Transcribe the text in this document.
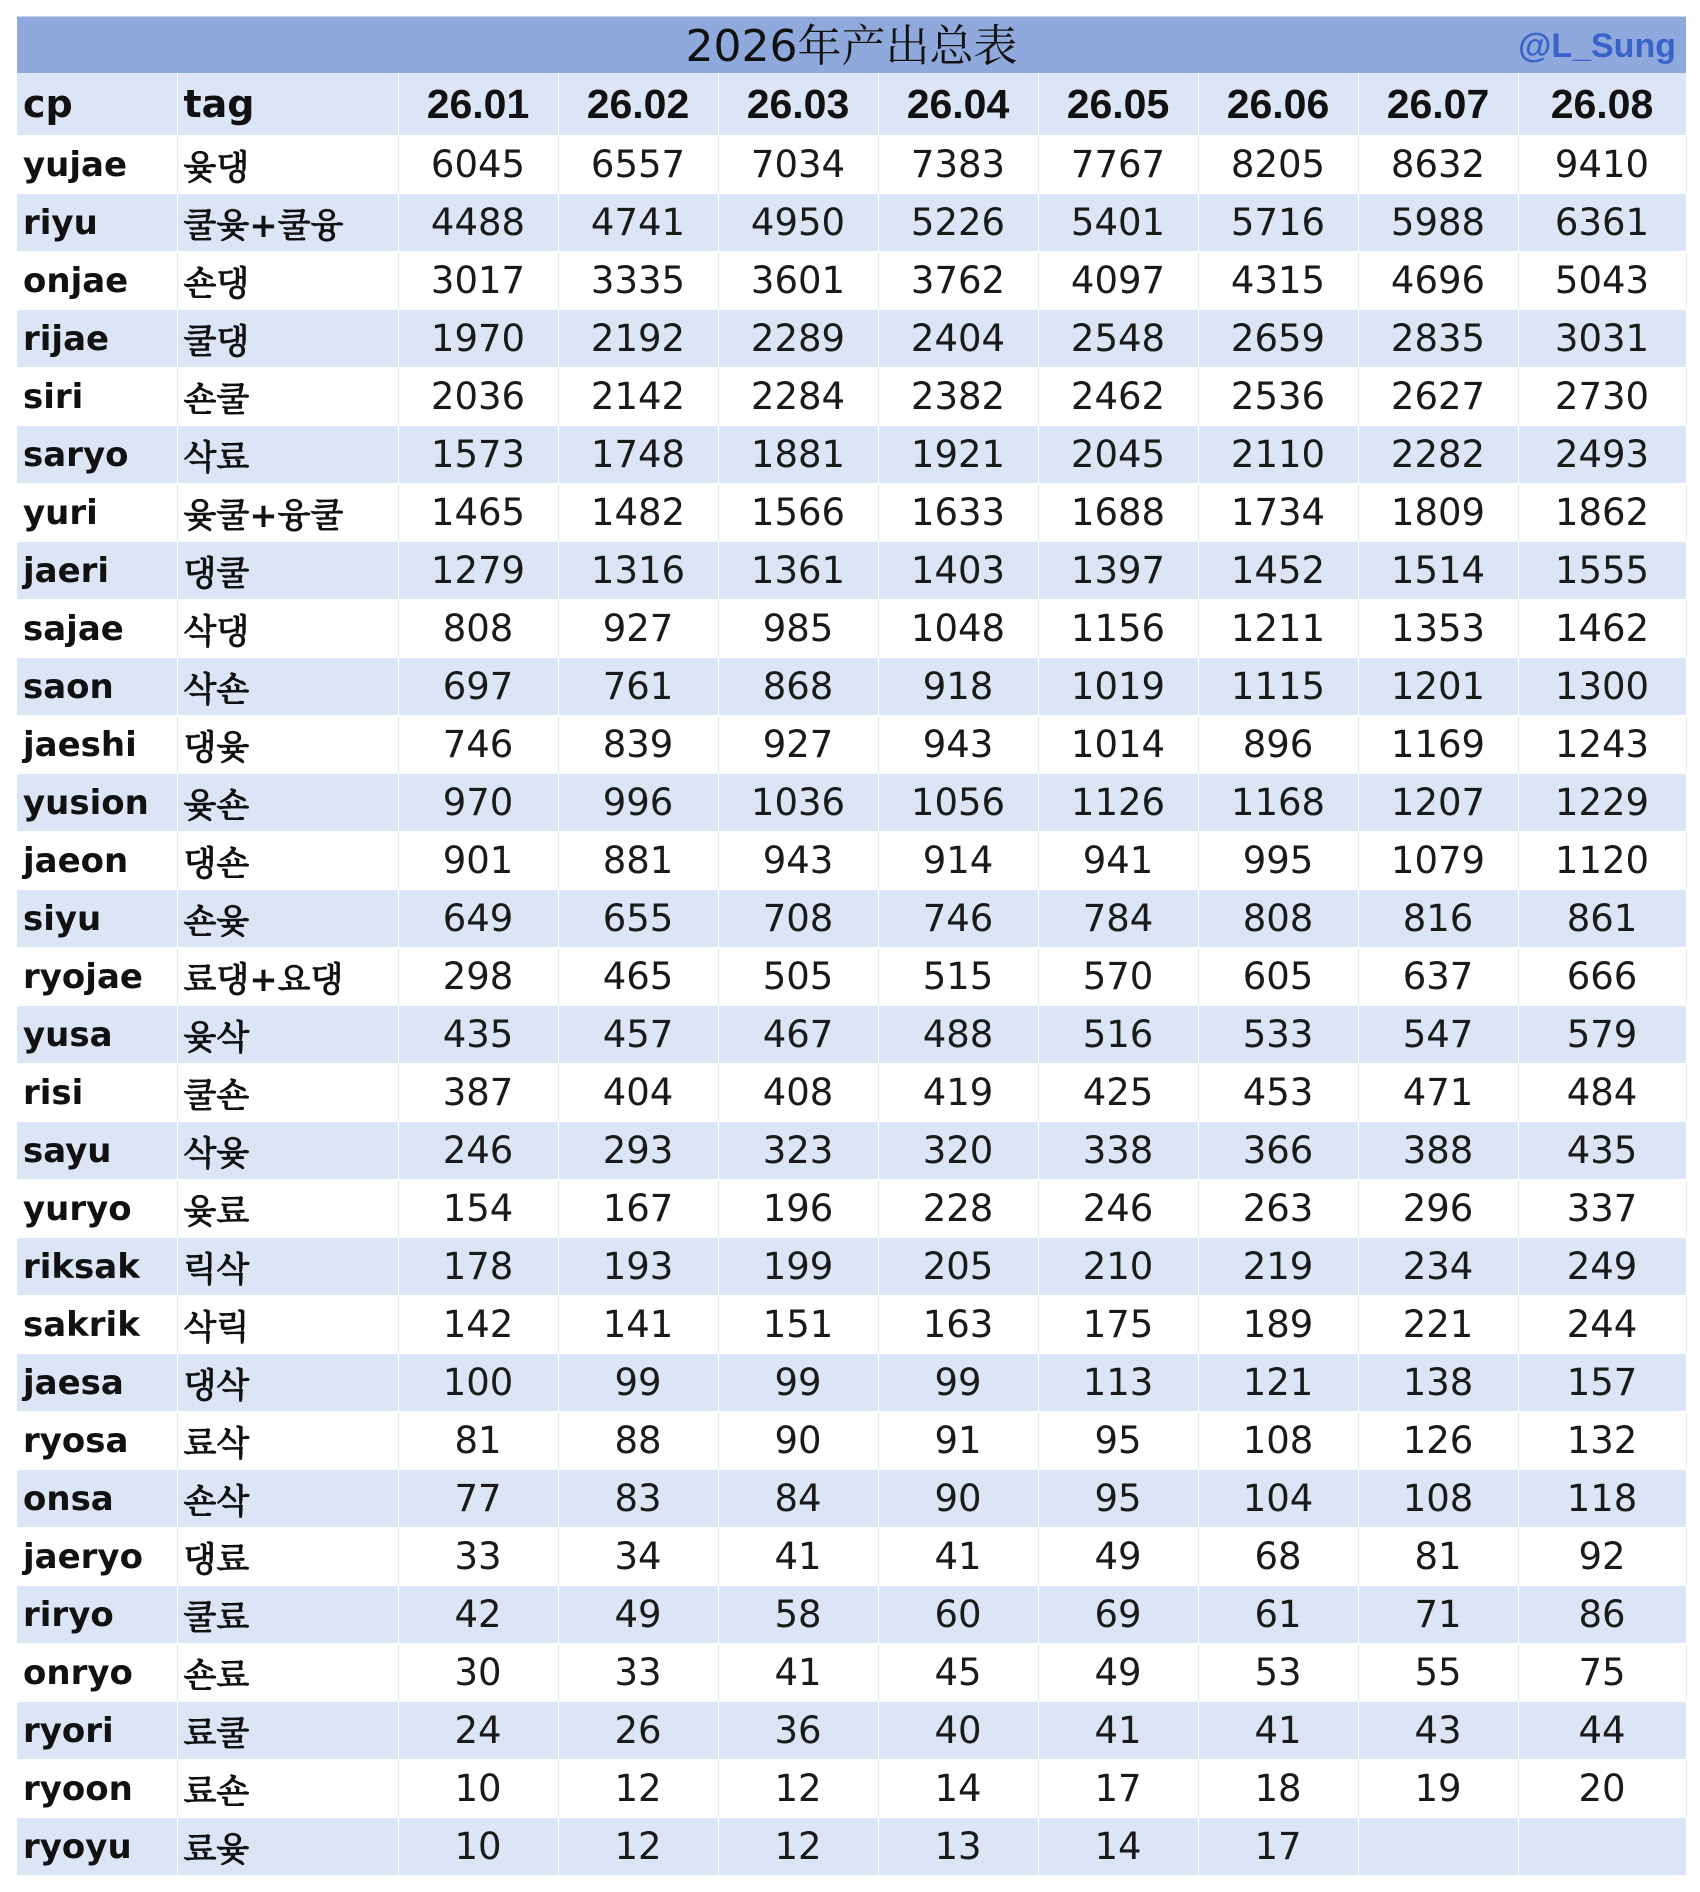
2026年产出总表	@L_Sung
cp	tag	26.01	26.02	26.03	26.04	26.05	26.06	26.07	26.08
yujae	윶댕	6045	6557	7034	7383	7767	8205	8632	9410
riyu	쿨윶+쿨융	4488	4741	4950	5226	5401	5716	5988	6361
onjae	숀댕	3017	3335	3601	3762	4097	4315	4696	5043
rijae	쿨댕	1970	2192	2289	2404	2548	2659	2835	3031
siri	숀쿨	2036	2142	2284	2382	2462	2536	2627	2730
saryo	삭료	1573	1748	1881	1921	2045	2110	2282	2493
yuri	윶쿨+융쿨	1465	1482	1566	1633	1688	1734	1809	1862
jaeri	댕쿨	1279	1316	1361	1403	1397	1452	1514	1555
sajae	삭댕	808	927	985	1048	1156	1211	1353	1462
saon	삭숀	697	761	868	918	1019	1115	1201	1300
jaeshi	댕윶	746	839	927	943	1014	896	1169	1243
yusion	윶숀	970	996	1036	1056	1126	1168	1207	1229
jaeon	댕숀	901	881	943	914	941	995	1079	1120
siyu	숀윶	649	655	708	746	784	808	816	861
ryojae	료댕+요댕	298	465	505	515	570	605	637	666
yusa	윶삭	435	457	467	488	516	533	547	579
risi	쿨숀	387	404	408	419	425	453	471	484
sayu	삭윶	246	293	323	320	338	366	388	435
yuryo	윶료	154	167	196	228	246	263	296	337
riksak	릭삭	178	193	199	205	210	219	234	249
sakrik	삭릭	142	141	151	163	175	189	221	244
jaesa	댕삭	100	99	99	99	113	121	138	157
ryosa	료삭	81	88	90	91	95	108	126	132
onsa	숀삭	77	83	84	90	95	104	108	118
jaeryo	댕료	33	34	41	41	49	68	81	92
riryo	쿨료	42	49	58	60	69	61	71	86
onryo	숀료	30	33	41	45	49	53	55	75
ryori	료쿨	24	26	36	40	41	41	43	44
ryoon	료숀	10	12	12	14	17	18	19	20
ryoyu	료윶	10	12	12	13	14	17		
